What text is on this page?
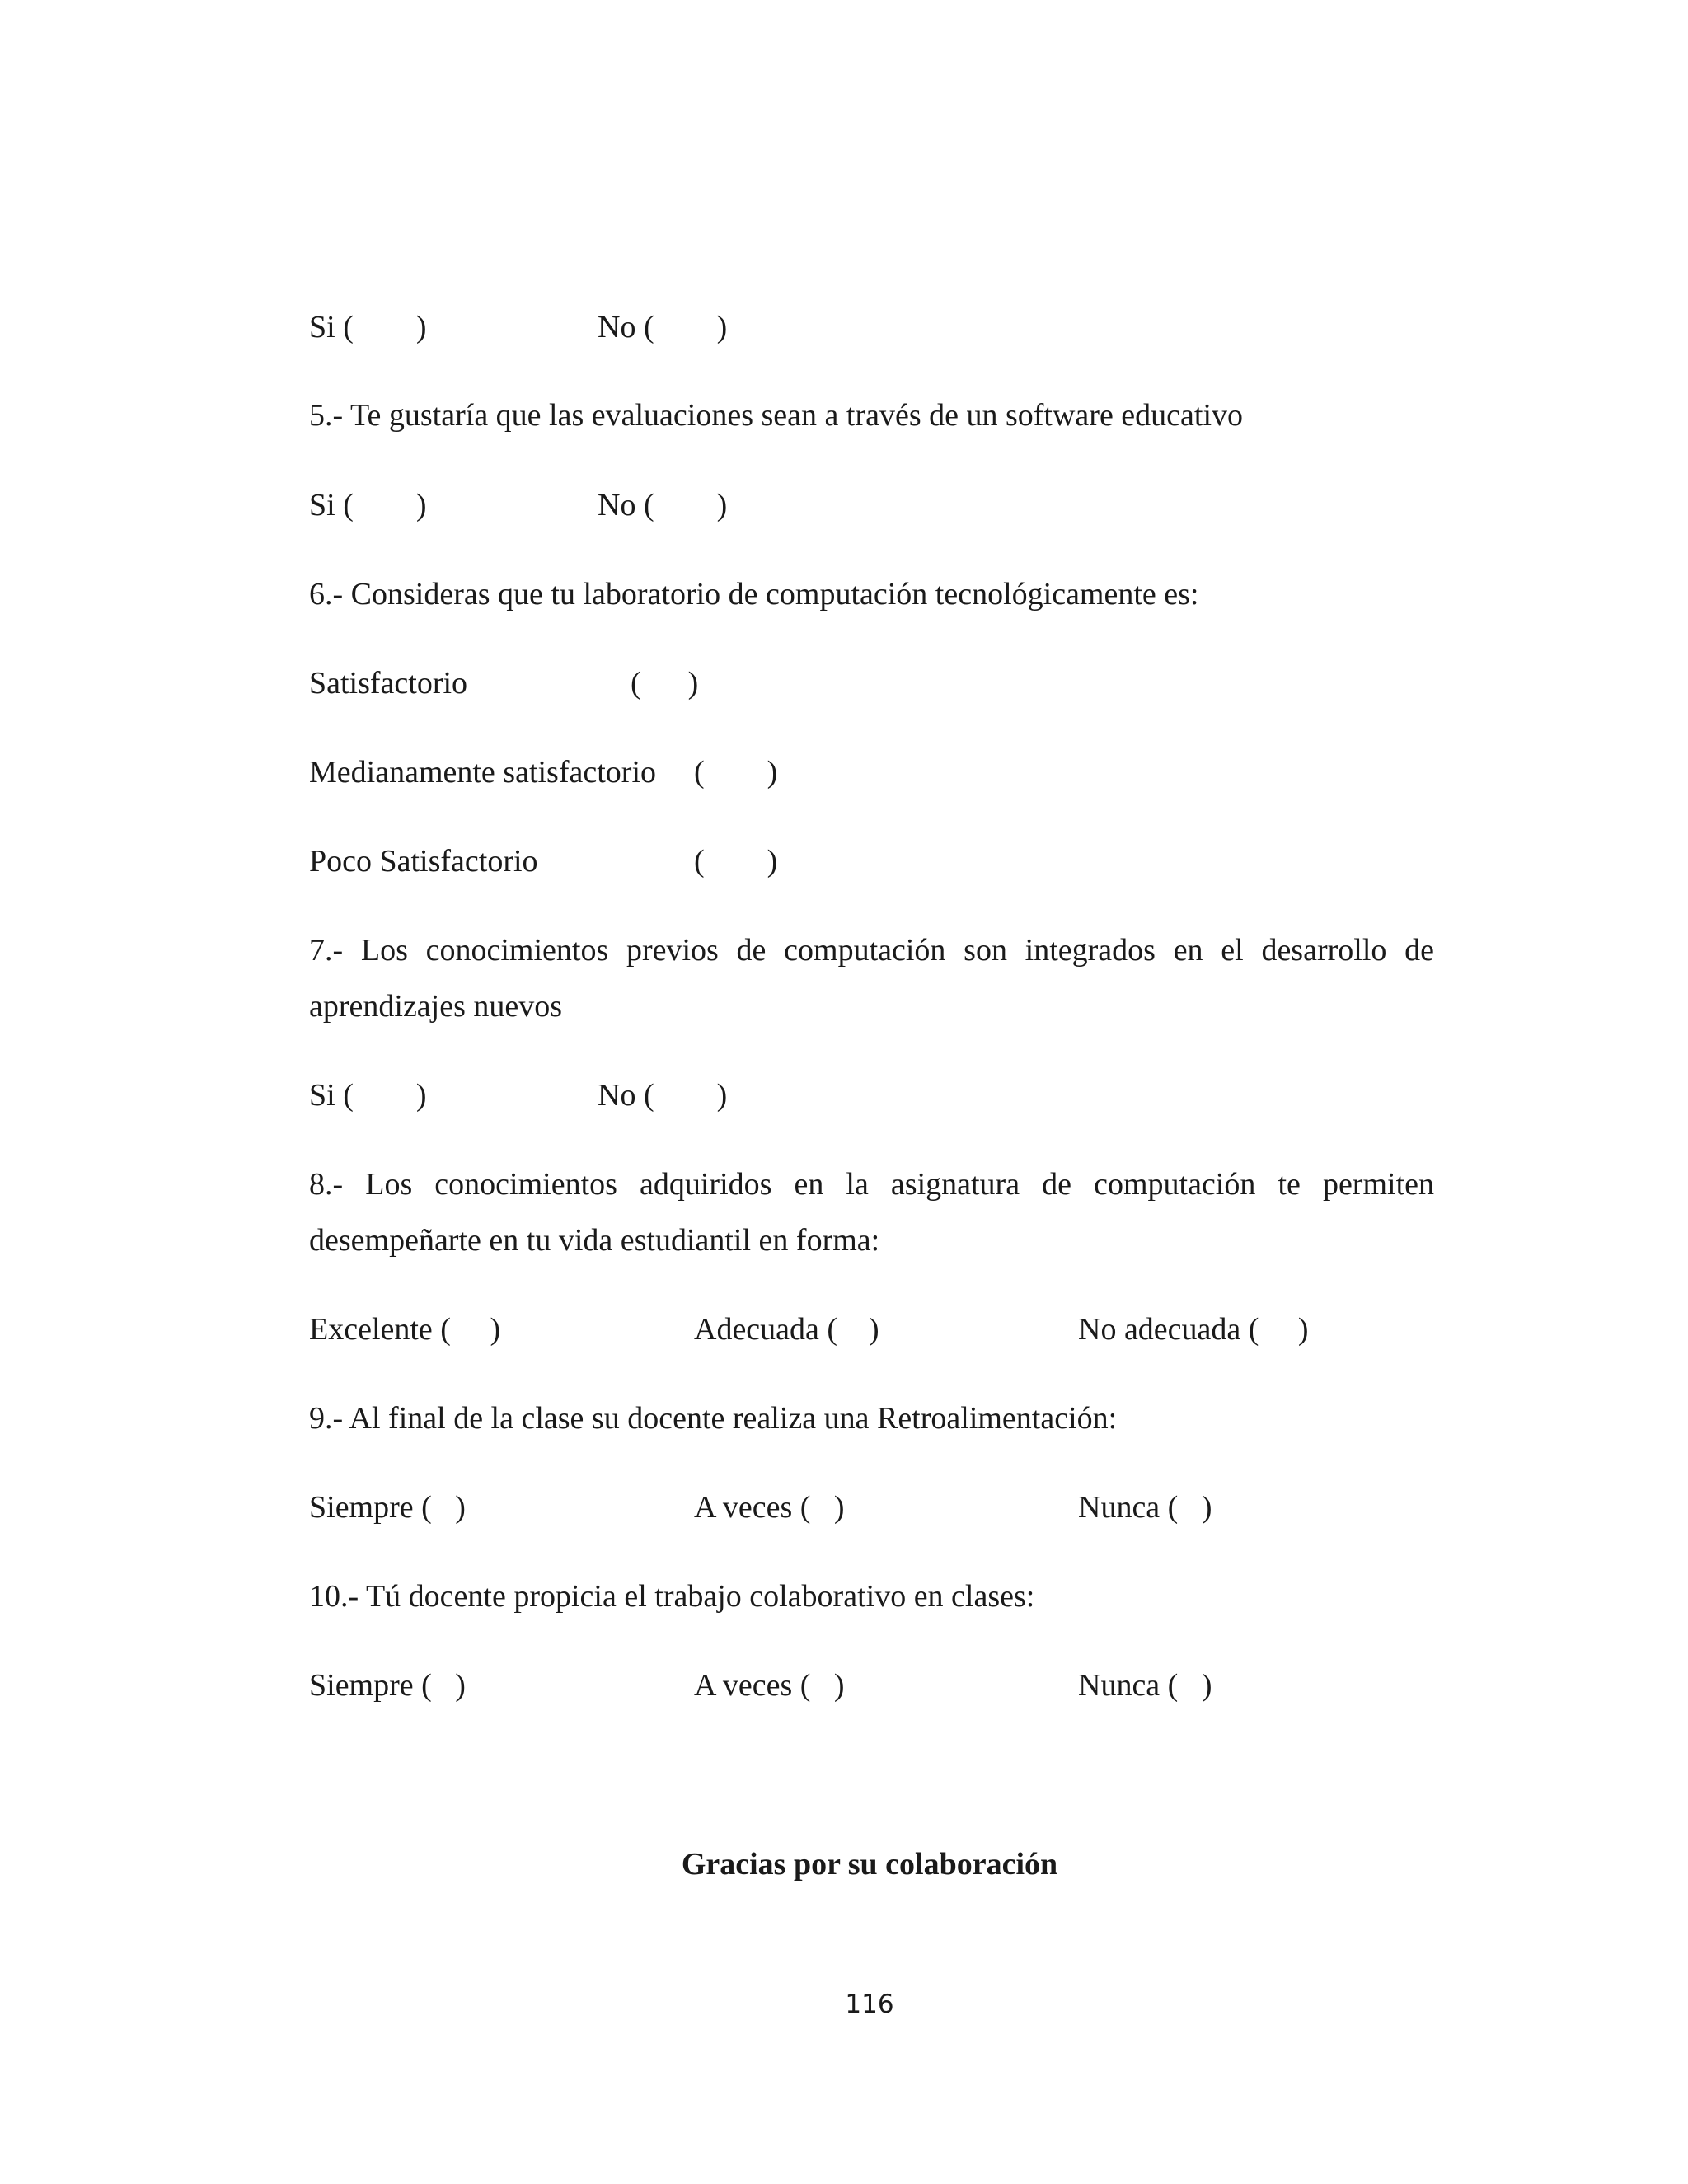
Si (        )	No (        )
5.- Te gustaría que las evaluaciones sean a través de un software educativo
Si (        )	No (        )
6.- Consideras que tu laboratorio de computación tecnológicamente es:
Satisfactorio	(      )
Medianamente satisfactorio (        )
Poco Satisfactorio	(        )
7.- Los conocimientos previos de computación son integrados en el desarrollo de
aprendizajes nuevos
Si (        )	No (        )
8.- Los conocimientos adquiridos en la asignatura de computación te permiten
desempeñarte en tu vida estudiantil en forma:
Excelente (     )	Adecuada (    )	No adecuada (     )
9.- Al final de la clase su docente realiza una Retroalimentación:
Siempre (   )	A veces (   )	Nunca (   )
10.- Tú docente propicia el trabajo colaborativo en clases:
Siempre (   )	A veces (   )	Nunca (   )
Gracias por su colaboración
116
